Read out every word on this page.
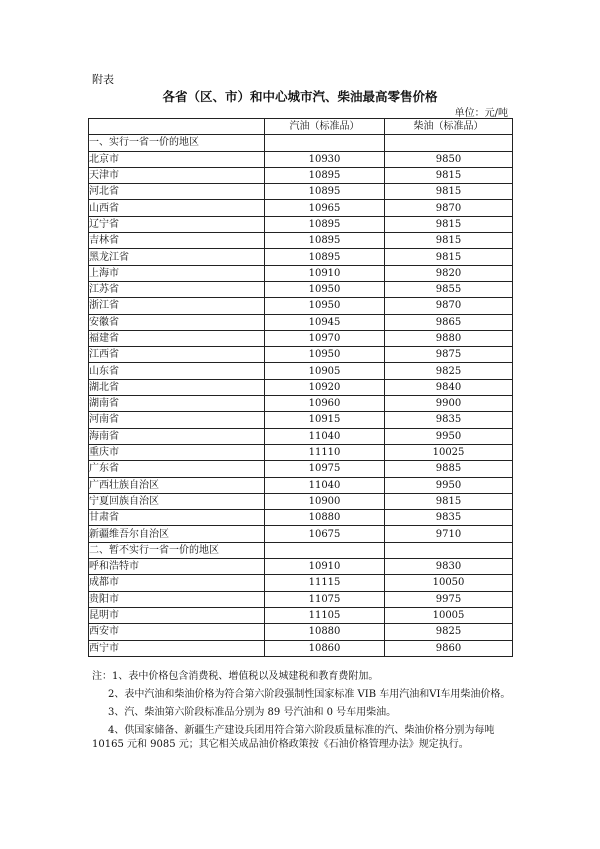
附表
各省（区、市）和中心城市汽、柴油最高零售价格
单位：元/吨
	汽油（标准品）	柴油（标准品）
一、实行一省一价的地区		
北京市	10930	9850
天津市	10895	9815
河北省	10895	9815
山西省	10965	9870
辽宁省	10895	9815
吉林省	10895	9815
黑龙江省	10895	9815
上海市	10910	9820
江苏省	10950	9855
浙江省	10950	9870
安徽省	10945	9865
福建省	10970	9880
江西省	10950	9875
山东省	10905	9825
湖北省	10920	9840
湖南省	10960	9900
河南省	10915	9835
海南省	11040	9950
重庆市	11110	10025
广东省	10975	9885
广西壮族自治区	11040	9950
宁夏回族自治区	10900	9815
甘肃省	10880	9835
新疆维吾尔自治区	10675	9710
二、暂不实行一省一价的地区		
呼和浩特市	10910	9830
成都市	11115	10050
贵阳市	11075	9975
昆明市	11105	10005
西安市	10880	9825
西宁市	10860	9860

注：1、表中价格包含消费税、增值税以及城建税和教育费附加。

2、表中汽油和柴油价格为符合第六阶段强制性国家标准 VIB 车用汽油和VI车用柴油价格。

3、汽、柴油第六阶段标准品分别为 89 号汽油和 0 号车用柴油。

4、供国家储备、新疆生产建设兵团用符合第六阶段质量标准的汽、柴油价格分别为每吨 10165 元和 9085 元；其它相关成品油价格政策按《石油价格管理办法》规定执行。
